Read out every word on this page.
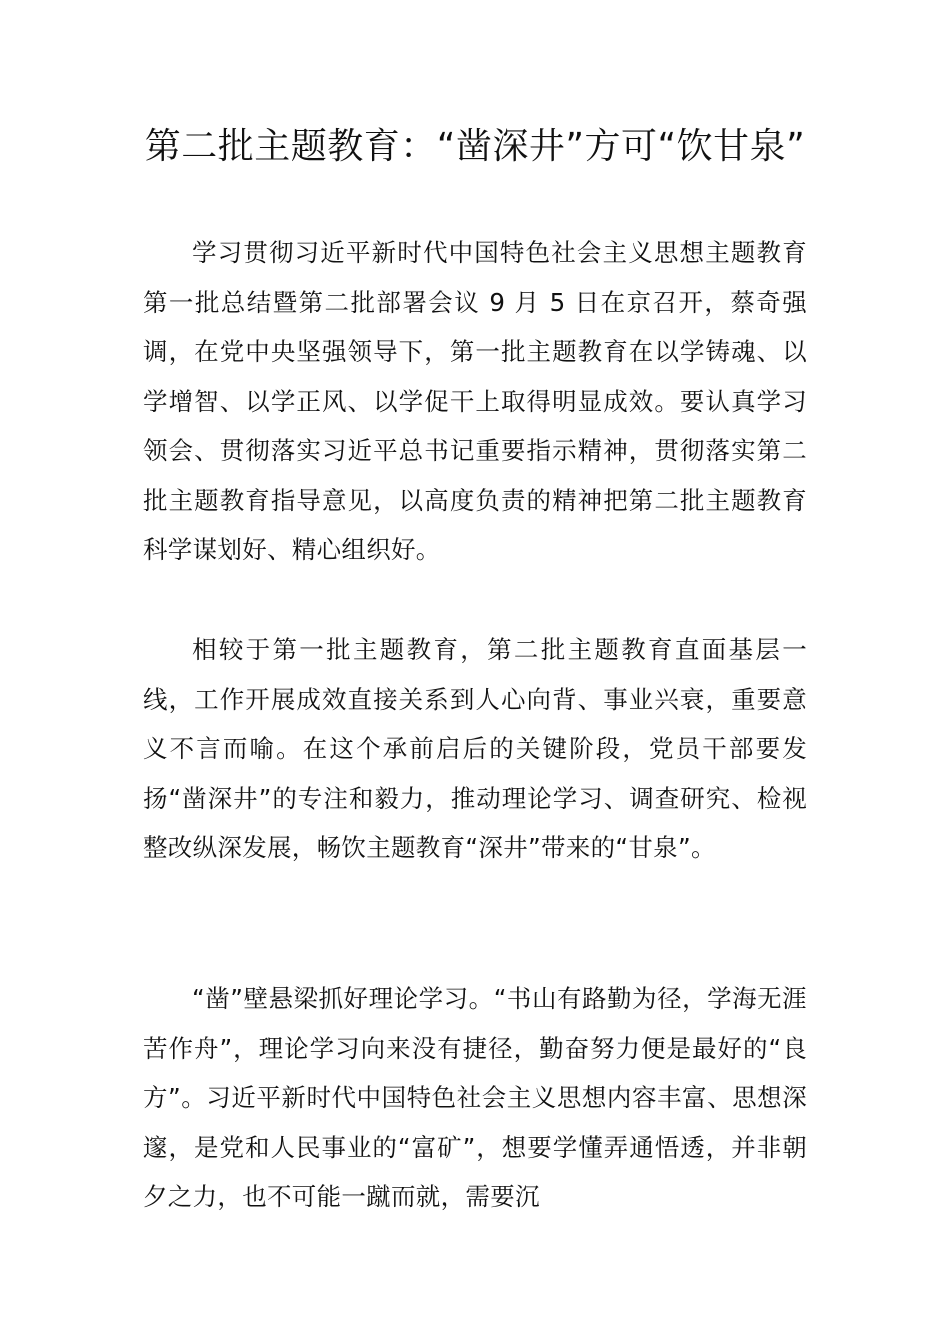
第二批主题教育：“凿深井”方可“饮甘泉”

学习贯彻习近平新时代中国特色社会主义思想主题教育第一批总结暨第二批部署会议 9 月 5 日在京召开，蔡奇强调，在党中央坚强领导下，第一批主题教育在以学铸魂、以学增智、以学正风、以学促干上取得明显成效。要认真学习领会、贯彻落实习近平总书记重要指示精神，贯彻落实第二批主题教育指导意见，以高度负责的精神把第二批主题教育科学谋划好、精心组织好。

相较于第一批主题教育，第二批主题教育直面基层一线，工作开展成效直接关系到人心向背、事业兴衰，重要意义不言而喻。在这个承前启后的关键阶段，党员干部要发扬“凿深井”的专注和毅力，推动理论学习、调查研究、检视整改纵深发展，畅饮主题教育“深井”带来的“甘泉”。

“凿”壁悬梁抓好理论学习。“书山有路勤为径，学海无涯苦作舟”，理论学习向来没有捷径，勤奋努力便是最好的“良方”。习近平新时代中国特色社会主义思想内容丰富、思想深邃，是党和人民事业的“富矿”，想要学懂弄通悟透，并非朝夕之力，也不可能一蹴而就，需要沉
